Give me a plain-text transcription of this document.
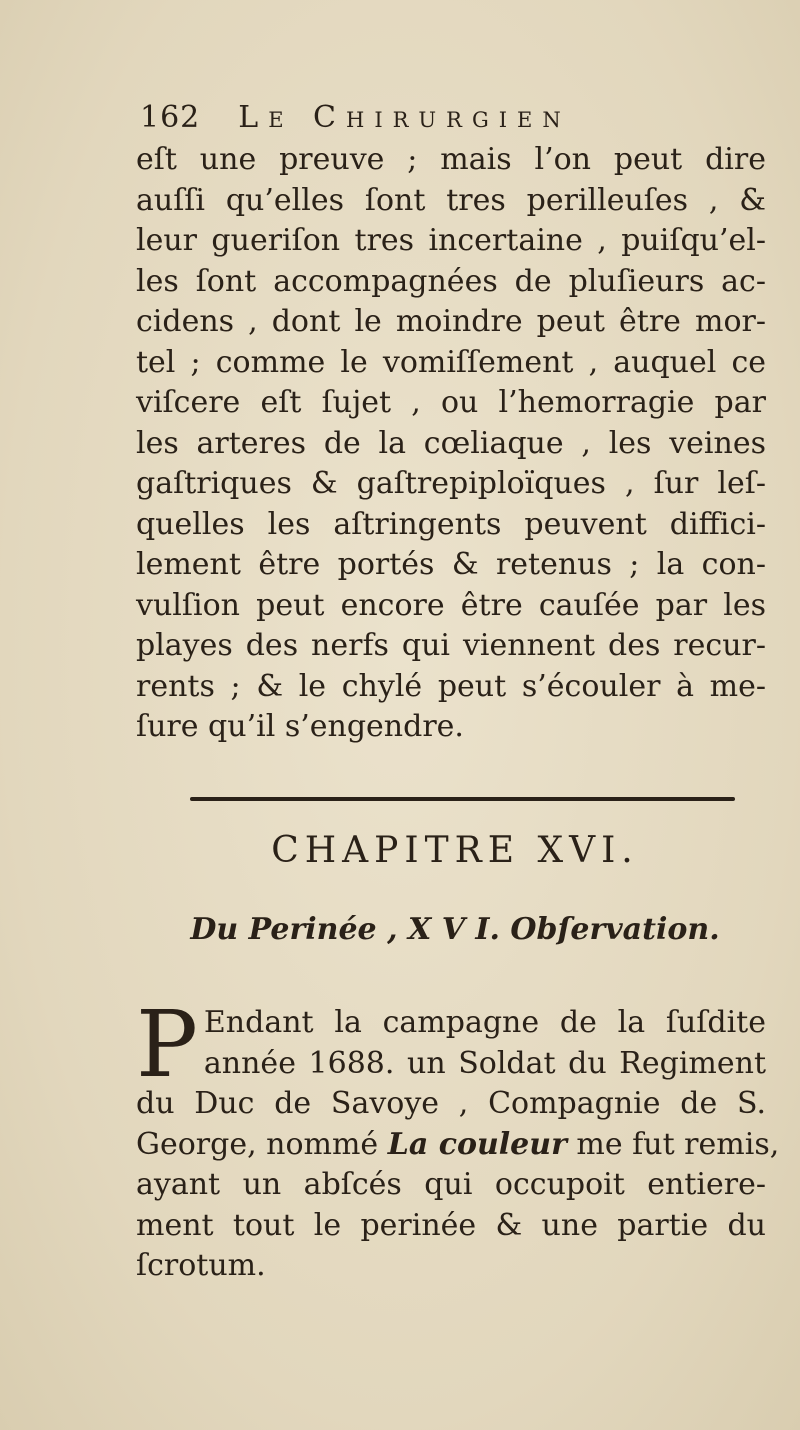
162 Le Chirurgien
eſt une preuve ; mais l’on peut dire
auſſi qu’elles ſont tres perilleuſes , &
leur gueriſon tres incertaine , puiſqu’el-
les ſont accompagnées de pluſieurs ac-
cidens , dont le moindre peut être mor-
tel ; comme le vomiſſement , auquel ce
viſcere eſt ſujet , ou l’hemorragie par
les arteres de la cœliaque , les veines
gaſtriques & gaſtrepiploïques , ſur leſ-
quelles les aſtringents peuvent diffici-
lement être portés & retenus ; la con-
vulſion peut encore être cauſée par les
playes des nerfs qui viennent des recur-
rents ; & le chylé peut s’écouler à me-
ſure qu’il s’engendre.
CHAPITRE XVI.
Du Perinée , X V I. Obſervation.
P Endant la campagne de la ſuſdite
année 1688. un Soldat du Regiment
du Duc de Savoye , Compagnie de S.
George, nommé La couleur me fut remis,
ayant un abſcés qui occupoit entiere-
ment tout le perinée & une partie du
ſcrotum.
